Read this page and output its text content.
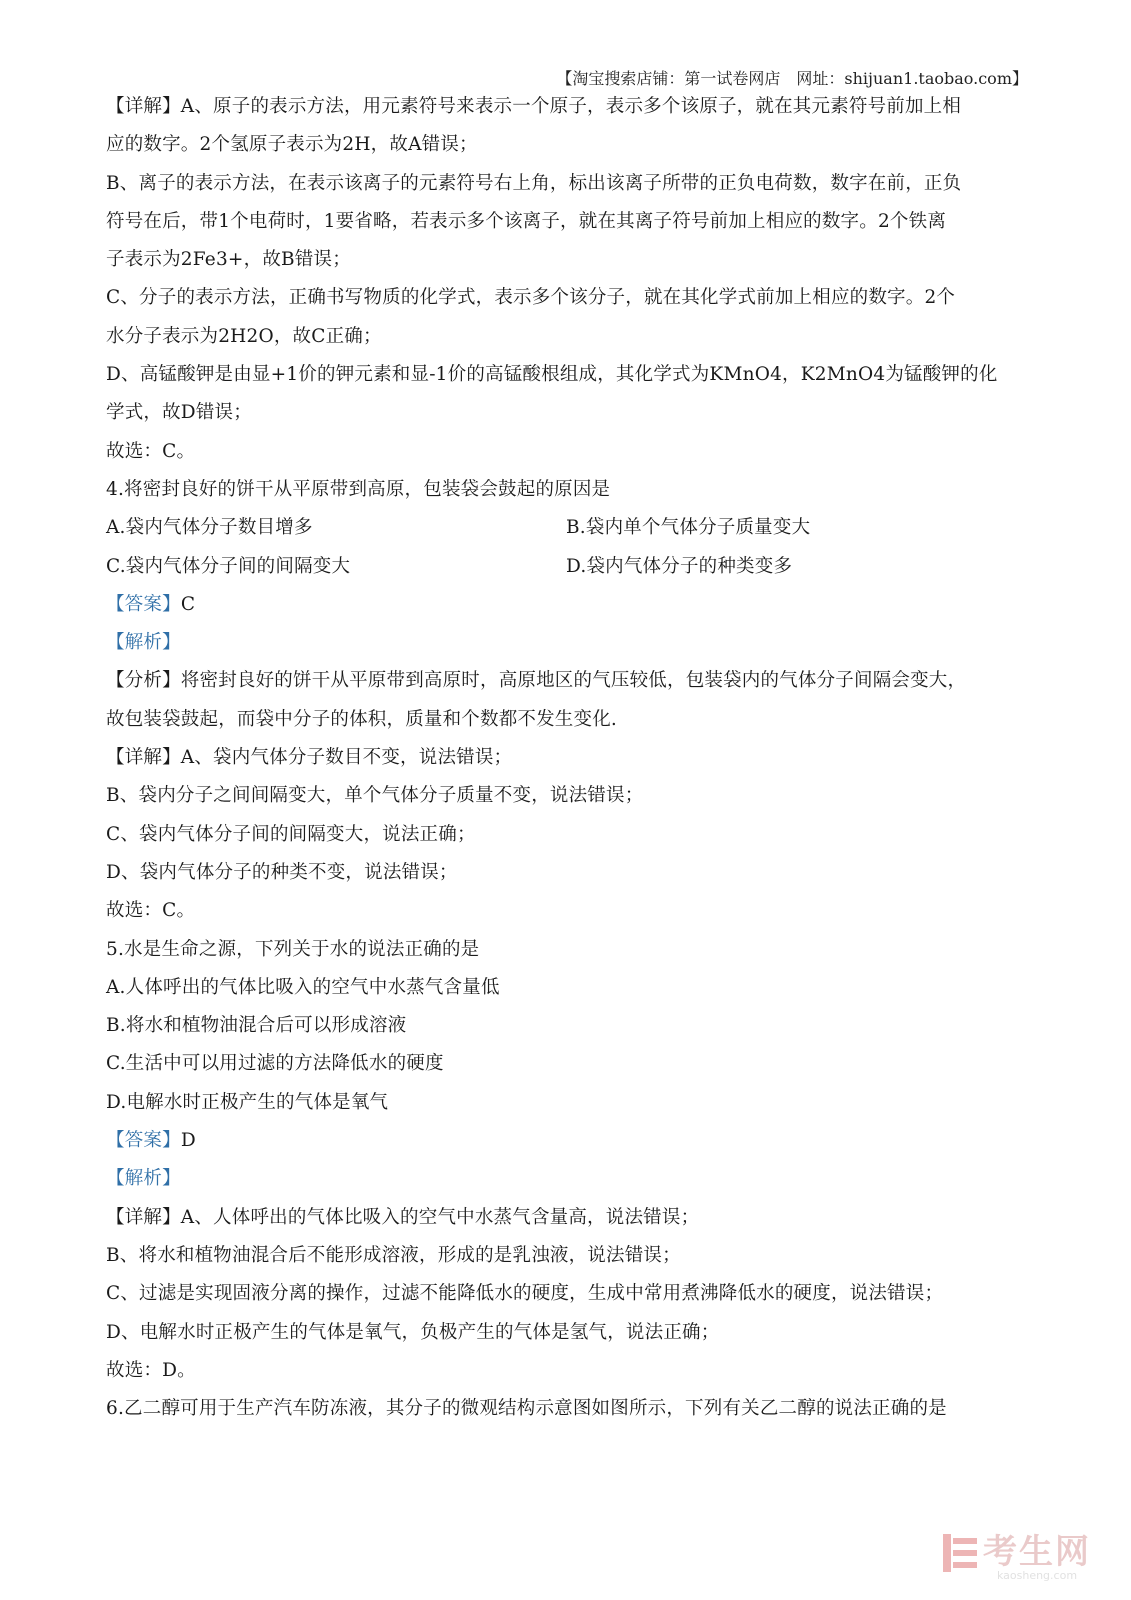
【淘宝搜索店铺：第一试卷网店　网址：shijuan1.taobao.com】
【详解】A、原子的表示方法，用元素符号来表示一个原子，表示多个该原子，就在其元素符号前加上相
应的数字。2个氢原子表示为2H，故A错误；
B、离子的表示方法，在表示该离子的元素符号右上角，标出该离子所带的正负电荷数，数字在前，正负
符号在后，带1个电荷时，1要省略，若表示多个该离子，就在其离子符号前加上相应的数字。2个铁离
子表示为2Fe3+，故B错误；
C、分子的表示方法，正确书写物质的化学式，表示多个该分子，就在其化学式前加上相应的数字。2个
水分子表示为2H2O，故C正确；
D、高锰酸钾是由显+1价的钾元素和显-1价的高锰酸根组成，其化学式为KMnO4，K2MnO4为锰酸钾的化
学式，故D错误；
故选：C。
4.将密封良好的饼干从平原带到高原，包装袋会鼓起的原因是
A.袋内气体分子数目增多	B.袋内单个气体分子质量变大
C.袋内气体分子间的间隔变大	D.袋内气体分子的种类变多
【答案】C
【解析】
【分析】将密封良好的饼干从平原带到高原时，高原地区的气压较低，包装袋内的气体分子间隔会变大，
故包装袋鼓起，而袋中分子的体积，质量和个数都不发生变化.
【详解】A、袋内气体分子数目不变，说法错误；
B、袋内分子之间间隔变大，单个气体分子质量不变，说法错误；
C、袋内气体分子间的间隔变大，说法正确；
D、袋内气体分子的种类不变，说法错误；
故选：C。
5.水是生命之源，下列关于水的说法正确的是
A.人体呼出的气体比吸入的空气中水蒸气含量低
B.将水和植物油混合后可以形成溶液
C.生活中可以用过滤的方法降低水的硬度
D.电解水时正极产生的气体是氧气
【答案】D
【解析】
【详解】A、人体呼出的气体比吸入的空气中水蒸气含量高，说法错误；
B、将水和植物油混合后不能形成溶液，形成的是乳浊液，说法错误；
C、过滤是实现固液分离的操作，过滤不能降低水的硬度，生成中常用煮沸降低水的硬度，说法错误；
D、电解水时正极产生的气体是氧气，负极产生的气体是氢气，说法正确；
故选：D。
6.乙二醇可用于生产汽车防冻液，其分子的微观结构示意图如图所示，下列有关乙二醇的说法正确的是
考生网
kaosheng.com
